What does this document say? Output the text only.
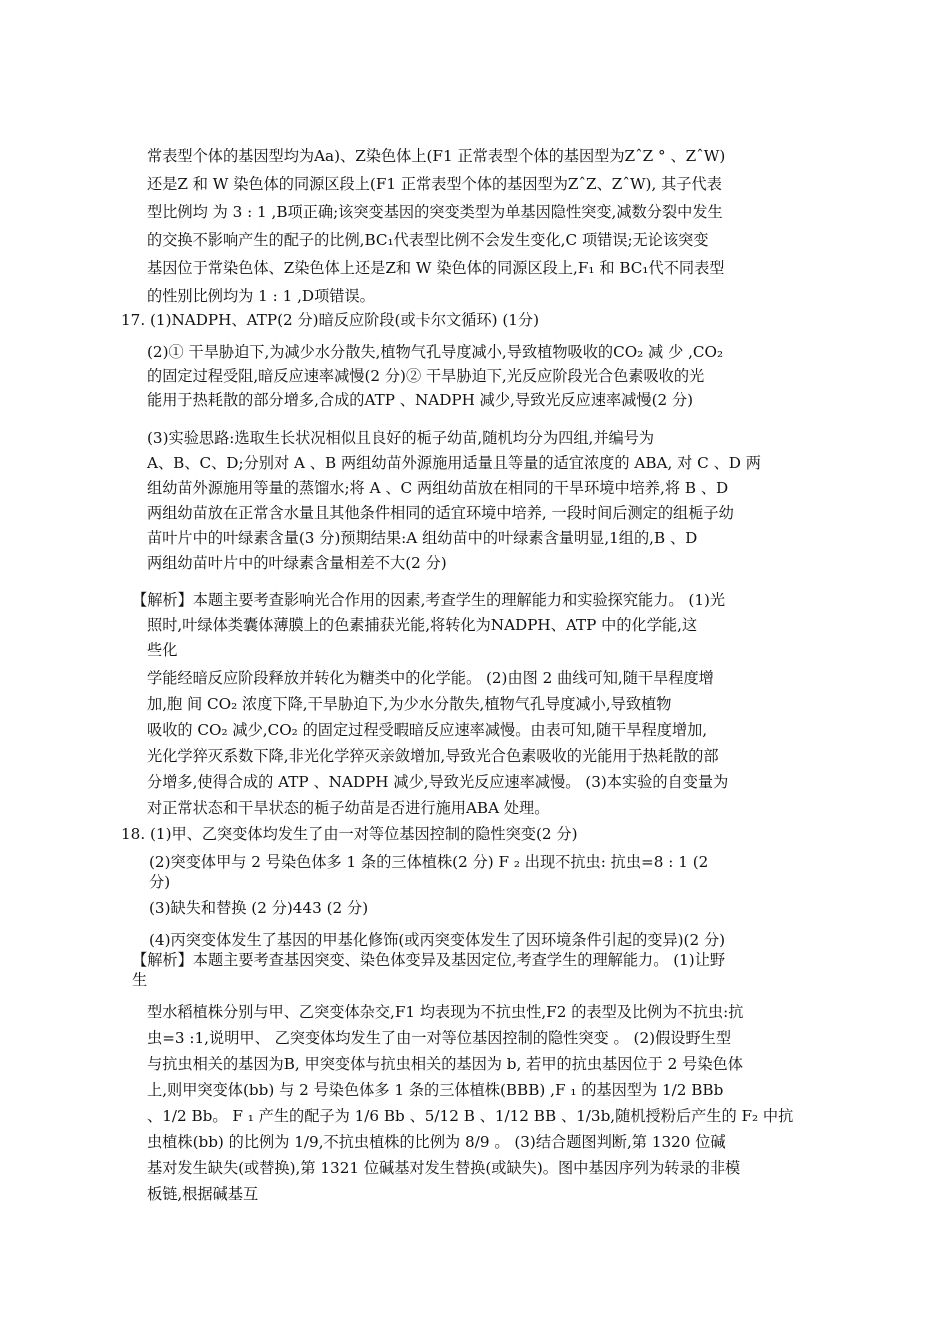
常表型个体的基因型均为Aa)、Z染色体上(F1 正常表型个体的基因型为ZˆZ ° 、ZˆW)
还是Z 和 W 染色体的同源区段上(F1 正常表型个体的基因型为ZˆZ、ZˆW), 其子代表
型比例均 为 3 : 1 ,B项正确;该突变基因的突变类型为单基因隐性突变,减数分裂中发生
的交换不影响产生的配子的比例,BC₁代表型比例不会发生变化,C 项错误;无论该突变
基因位于常染色体、Z染色体上还是Z和 W 染色体的同源区段上,F₁ 和 BC₁代不同表型
的性别比例均为 1 : 1 ,D项错误。
17. (1)NADPH、ATP(2 分)暗反应阶段(或卡尔文循环) (1分)
(2)① 干旱胁迫下,为减少水分散失,植物气孔导度减小,导致植物吸收的CO₂ 减 少 ,CO₂
的固定过程受阻,暗反应速率减慢(2 分)② 干旱胁迫下,光反应阶段光合色素吸收的光
能用于热耗散的部分增多,合成的ATP 、NADPH 减少,导致光反应速率减慢(2 分)
(3)实验思路:选取生长状况相似且良好的栀子幼苗,随机均分为四组,并编号为
A、B、C、D;分别对 A 、B 两组幼苗外源施用适量且等量的适宜浓度的 ABA, 对 C 、D 两
组幼苗外源施用等量的蒸馏水;将 A 、C 两组幼苗放在相同的干旱环境中培养,将 B 、D
两组幼苗放在正常含水量且其他条件相同的适宜环境中培养, 一段时间后测定的组栀子幼
苗叶片中的叶绿素含量(3 分)预期结果:A 组幼苗中的叶绿素含量明显,1组的,B 、D
两组幼苗叶片中的叶绿素含量相差不大(2 分)
【解析】本题主要考查影响光合作用的因素,考查学生的理解能力和实验探究能力。 (1)光
照时,叶绿体类囊体薄膜上的色素捕获光能,将转化为NADPH、ATP 中的化学能,这
些化
学能经暗反应阶段释放并转化为糖类中的化学能。 (2)由图 2 曲线可知,随干旱程度增
加,胞 间 CO₂ 浓度下降,干旱胁迫下,为少水分散失,植物气孔导度减小,导致植物
吸收的 CO₂ 减少,CO₂ 的固定过程受暇暗反应速率减慢。由表可知,随干旱程度增加,
光化学猝灭系数下降,非光化学猝灭亲敛增加,导致光合色素吸收的光能用于热耗散的部
分增多,使得合成的 ATP 、NADPH 减少,导致光反应速率减慢。 (3)本实验的自变量为
对正常状态和干旱状态的栀子幼苗是否进行施用ABA 处理。
18. (1)甲、乙突变体均发生了由一对等位基因控制的隐性突变(2 分)
(2)突变体甲与 2 号染色体多 1 条的三体植株(2 分) F ₂ 出现不抗虫: 抗虫=8 : 1 (2
分)
(3)缺失和替换 (2 分)443 (2 分)
(4)丙突变体发生了基因的甲基化修饰(或丙突变体发生了因环境条件引起的变异)(2 分)
【解析】本题主要考查基因突变、染色体变异及基因定位,考查学生的理解能力。 (1)让野
生
型水稻植株分别与甲、乙突变体杂交,F1 均表现为不抗虫性,F2 的表型及比例为不抗虫:抗
虫=3 :1,说明甲、 乙突变体均发生了由一对等位基因控制的隐性突变 。 (2)假设野生型
与抗虫相关的基因为B, 甲突变体与抗虫相关的基因为 b, 若甲的抗虫基因位于 2 号染色体
上,则甲突变体(bb) 与 2 号染色体多 1 条的三体植株(BBB) ,F ₁ 的基因型为 1/2 BBb
、1/2 Bb。 F ₁ 产生的配子为 1/6 Bb 、5/12 B 、1/12 BB 、1/3b,随机授粉后产生的 F₂ 中抗
虫植株(bb) 的比例为 1/9,不抗虫植株的比例为 8/9 。 (3)结合题图判断,第 1320 位碱
基对发生缺失(或替换),第 1321 位碱基对发生替换(或缺失)。图中基因序列为转录的非模
板链,根据碱基互
